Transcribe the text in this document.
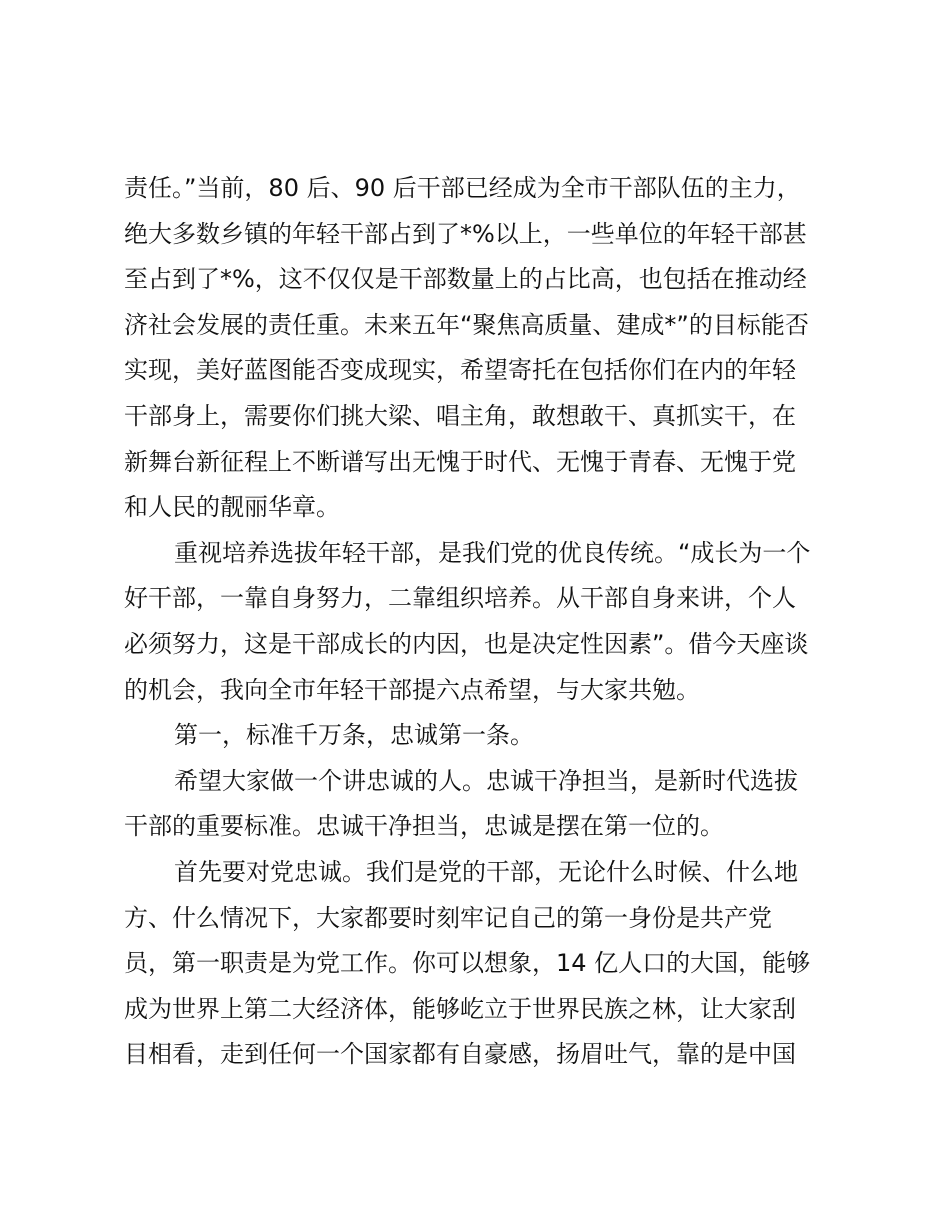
责任。”当前，80 后、90 后干部已经成为全市干部队伍的主力，
绝大多数乡镇的年轻干部占到了*%以上，一些单位的年轻干部甚
至占到了*%，这不仅仅是干部数量上的占比高，也包括在推动经
济社会发展的责任重。未来五年“聚焦高质量、建成*”的目标能否
实现，美好蓝图能否变成现实，希望寄托在包括你们在内的年轻
干部身上，需要你们挑大梁、唱主角，敢想敢干、真抓实干，在
新舞台新征程上不断谱写出无愧于时代、无愧于青春、无愧于党
和人民的靓丽华章。
重视培养选拔年轻干部，是我们党的优良传统。“成长为一个
好干部，一靠自身努力，二靠组织培养。从干部自身来讲，个人
必须努力，这是干部成长的内因，也是决定性因素”。借今天座谈
的机会，我向全市年轻干部提六点希望，与大家共勉。
第一，标准千万条，忠诚第一条。
希望大家做一个讲忠诚的人。忠诚干净担当，是新时代选拔
干部的重要标准。忠诚干净担当，忠诚是摆在第一位的。
首先要对党忠诚。我们是党的干部，无论什么时候、什么地
方、什么情况下，大家都要时刻牢记自己的第一身份是共产党
员，第一职责是为党工作。你可以想象，14 亿人口的大国，能够
成为世界上第二大经济体，能够屹立于世界民族之林，让大家刮
目相看，走到任何一个国家都有自豪感，扬眉吐气，靠的是中国
